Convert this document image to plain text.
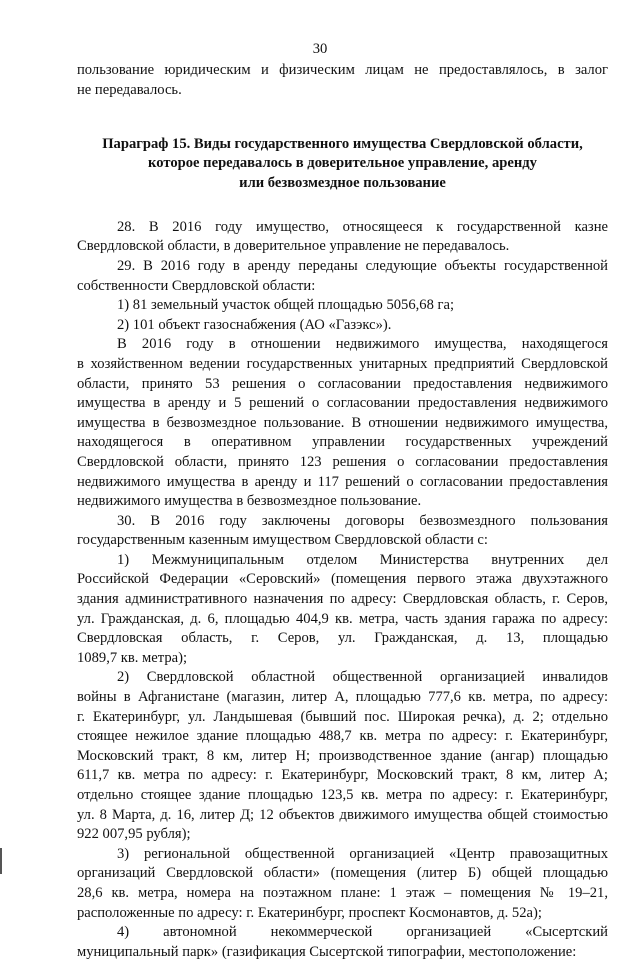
30
пользование юридическим и физическим лицам не предоставлялось, в залог
не передавалось.
Параграф 15. Виды государственного имущества Свердловской области,
которое передавалось в доверительное управление, аренду
или безвозмездное пользование
28. В 2016 году имущество, относящееся к государственной казне
Свердловской области, в доверительное управление не передавалось.
29. В 2016 году в аренду переданы следующие объекты государственной
собственности Свердловской области:
1) 81 земельный участок общей площадью 5056,68 га;
2) 101 объект газоснабжения (АО «Газэкс»).
В 2016 году в отношении недвижимого имущества, находящегося
в хозяйственном ведении государственных унитарных предприятий Свердловской
области, принято 53 решения о согласовании предоставления недвижимого
имущества в аренду и 5 решений о согласовании предоставления недвижимого
имущества в безвозмездное пользование. В отношении недвижимого имущества,
находящегося в оперативном управлении государственных учреждений
Свердловской области, принято 123 решения о согласовании предоставления
недвижимого имущества в аренду и 117 решений о согласовании предоставления
недвижимого имущества в безвозмездное пользование.
30. В 2016 году заключены договоры безвозмездного пользования
государственным казенным имуществом Свердловской области с:
1) Межмуниципальным отделом Министерства внутренних дел
Российской Федерации «Серовский» (помещения первого этажа двухэтажного
здания административного назначения по адресу: Свердловская область, г. Серов,
ул. Гражданская, д. 6, площадью 404,9 кв. метра, часть здания гаража по адресу:
Свердловская область, г. Серов, ул. Гражданская, д. 13, площадью
1089,7 кв. метра);
2) Свердловской областной общественной организацией инвалидов
войны в Афганистане (магазин, литер А, площадью 777,6 кв. метра, по адресу:
г. Екатеринбург, ул. Ландышевая (бывший пос. Широкая речка), д. 2; отдельно
стоящее нежилое здание площадью 488,7 кв. метра по адресу: г. Екатеринбург,
Московский тракт, 8 км, литер Н; производственное здание (ангар) площадью
611,7 кв. метра по адресу: г. Екатеринбург, Московский тракт, 8 км, литер А;
отдельно стоящее здание площадью 123,5 кв. метра по адресу: г. Екатеринбург,
ул. 8 Марта, д. 16, литер Д; 12 объектов движимого имущества общей стоимостью
922 007,95 рубля);
3) региональной общественной организацией «Центр правозащитных
организаций Свердловской области» (помещения (литер Б) общей площадью
28,6 кв. метра, номера на поэтажном плане: 1 этаж – помещения № 19–21,
расположенные по адресу: г. Екатеринбург, проспект Космонавтов, д. 52а);
4) автономной некоммерческой организацией «Сысертский
муниципальный парк» (газификация Сысертской типографии, местоположение:
